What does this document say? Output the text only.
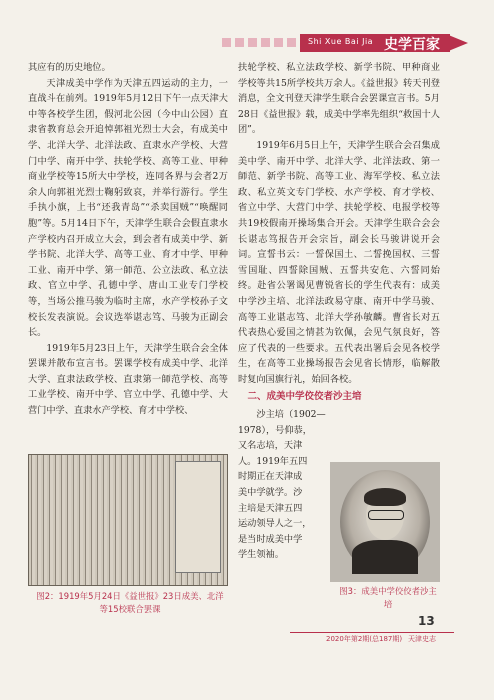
Shi Xue Bai Jia 史学百家

其应有的历史地位。

天津成美中学作为天津五四运动的主力，一直战斗在前列。1919年5月12日下午一点天津大中等各校学生团，假河北公园（今中山公园）直隶省教育总会开追悼郭祖光烈士大会，有成美中学、北洋大学、北洋法政、直隶水产学校、大营门中学、南开中学、扶轮学校、高等工业、甲种商业学校等15所大中学校，连同各界与会者2万余人向郭祖光烈士鞠躬致哀，并举行游行。学生手执小旗，上书“还我青岛”“杀卖国贼”“唤醒同胞”等。5月14日下午，天津学生联合会假直隶水产学校内召开成立大会，到会者有成美中学、新学书院、北洋大学、高等工业、育才中学、甲种工业、南开中学、第一師范、公立法政、私立法政、官立中学、孔德中学、唐山工业专门学校等，当场公推马骏为临时主席，水产学校孙子文校长发表演说。会议选举谌志笃、马骏为正副会长。

1919年5月23日上午，天津学生联合会全体罢课并散布宣言书。罢课学校有成美中学、北洋大学、直隶法政学校、直隶第一師范学校、高等工业学校、南开中学、官立中学、孔德中学、大营门中学、直隶水产学校、育才中学校、

扶轮学校、私立法政学校、新学书院、甲种商业学校等共15所学校共万余人。《益世报》转天刊登消息，全文刊登天津学生联合会罢课宣言书。5月28日《益世报》载，成美中学率先组织“救国十人团”。

1919年6月5日上午，天津学生联合会召集成美中学、南开中学、北洋大学、北洋法政、第一師范、新学书院、高等工业、海军学校、私立法政、私立英文专门学校、水产学校、育才学校、省立中学、大营门中学、扶轮学校、电报学校等共19校假南开操场集合开会。天津学生联合会会长谌志笃报告开会宗旨，副会长马骏讲说开会词。宣誓书云：一誓保国土、二誓挽国权、三誓雪国耻、四誓除国贼、五誓共安危、六誓同始终。赴省公署谒见曹锐省长的学生代表有：成美中学沙主培、北洋法政易守康、南开中学马骏、高等工业谌志笃、北洋大学孙敏麟。曹省长对五代表热心爱国之情甚为钦佩，会见气氛良好，答应了代表的一些要求。五代表出署后会见各校学生，在高等工业操场报告会见省长情形，临解散时复向国旗行礼，始回各校。

二、成美中学佼佼者沙主培

沙主培（1902—

1978），号仰恭，

又名志培，天津

人。1919年五四

时期正在天津成

美中学就学。沙

主培是天津五四

运动领导人之一，

是当时成美中学

学生领袖。

图2：1919年5月24日《益世报》23日成美、北洋等15校联合罢课
图3：成美中学佼佼者沙主培
13
2020年第2期(总187期) 天津史志
